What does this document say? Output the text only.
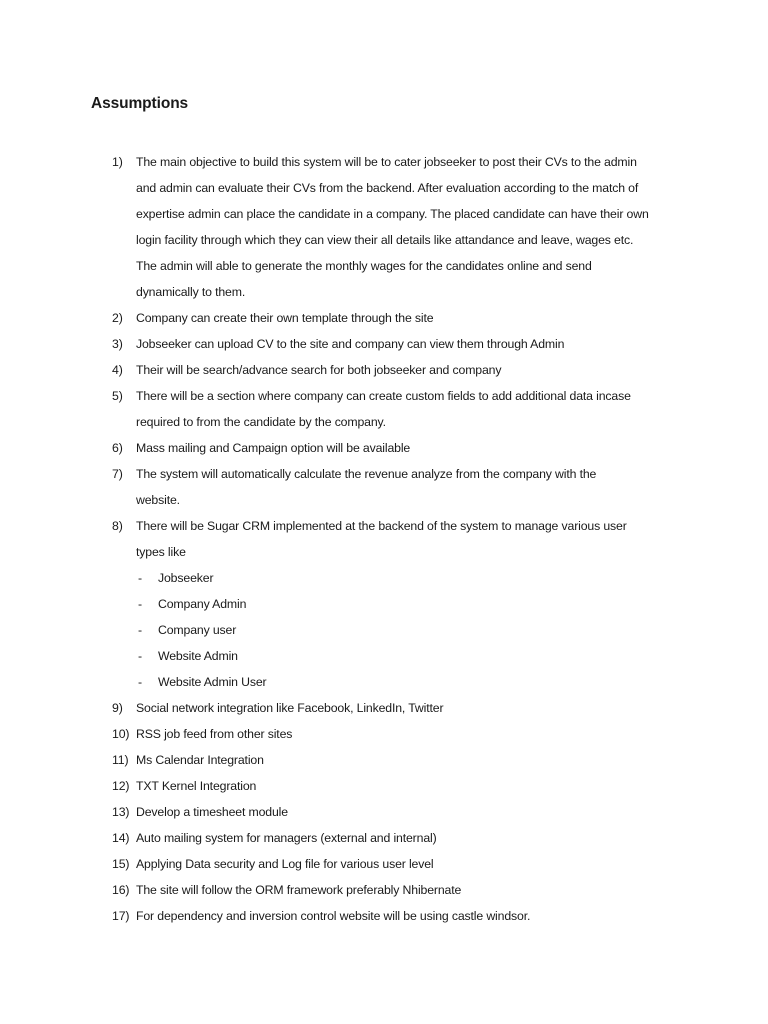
Assumptions
1) The main objective to build this system will be to cater jobseeker to post their CVs to the admin
and admin can evaluate their CVs from the backend. After evaluation according to the match of
expertise admin can place the candidate in a company. The placed candidate can have their own
login facility through which they can view their all details like attandance and leave, wages etc.
The admin will able to generate the monthly wages for the candidates online and send
dynamically to them.
2) Company can create their own template through the site
3) Jobseeker can upload CV to the site and company can view them through Admin
4) Their will be search/advance search for both jobseeker and company
5) There will be a section where company can create custom fields to add additional data incase
required to from the candidate by the company.
6) Mass mailing and Campaign option will be available
7) The system will automatically calculate the revenue analyze from the company with the
website.
8) There will be Sugar CRM implemented at the backend of the system to manage various user
types like
- Jobseeker
- Company Admin
- Company user
- Website Admin
- Website Admin User
9) Social network integration like Facebook, LinkedIn, Twitter
10) RSS job feed from other sites
11) Ms Calendar Integration
12) TXT Kernel Integration
13) Develop a timesheet module
14) Auto mailing system for managers (external and internal)
15) Applying Data security and Log file for various user level
16) The site will follow the ORM framework preferably Nhibernate
17) For dependency and inversion control website will be using castle windsor.
